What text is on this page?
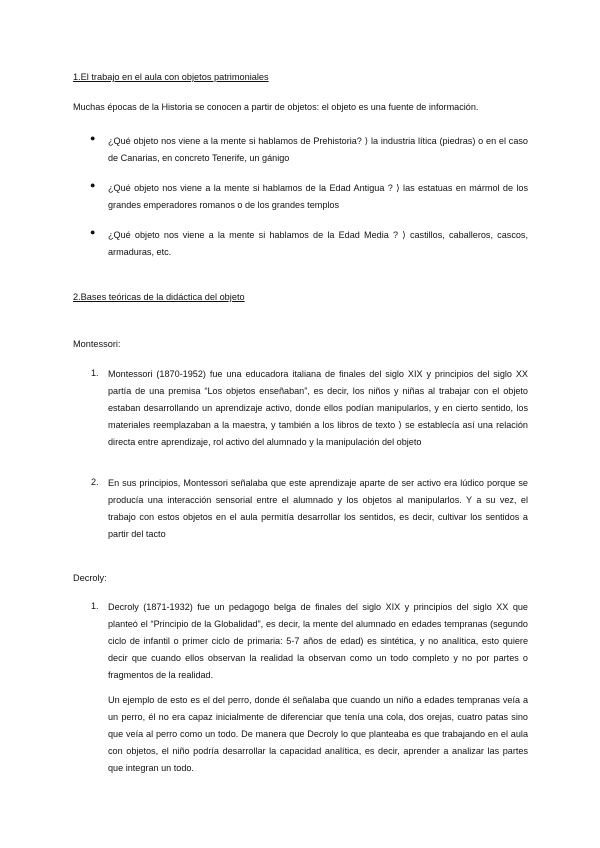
1.El trabajo en el aula con objetos patrimoniales

Muchas épocas de la Historia se conocen a partir de objetos: el objeto es una fuente de información.

● ¿Qué objeto nos viene a la mente si hablamos de Prehistoria? ⟩ la industria lítica (piedras) o en el caso de Canarias, en concreto Tenerife, un gánigo

● ¿Qué objeto nos viene a la mente si hablamos de la Edad Antigua ? ⟩ las estatuas en mármol de los grandes emperadores romanos o de los grandes templos

● ¿Qué objeto nos viene a la mente si hablamos de la Edad Media ? ⟩ castillos, caballeros, cascos, armaduras, etc.

2.Bases teóricas de la didáctica del objeto
Montessori:
1. Montessori (1870-1952) fue una educadora italiana de finales del siglo XIX y principios del siglo XX partía de una premisa “Los objetos enseñaban”, es decir, los niños y niñas al trabajar con el objeto estaban desarrollando un aprendizaje activo, donde ellos podían manipularlos, y en cierto sentido, los materiales reemplazaban a la maestra, y también a los libros de texto ⟩ se establecía así una relación directa entre aprendizaje, rol activo del alumnado y la manipulación del objeto

2. En sus principios, Montessori señalaba que este aprendizaje aparte de ser activo era lúdico porque se producía una interacción sensorial entre el alumnado y los objetos al manipularlos. Y a su vez, el trabajo con estos objetos en el aula permitía desarrollar los sentidos, es decir, cultivar los sentidos a partir del tacto

Decroly:
1. Decroly (1871-1932) fue un pedagogo belga de finales del siglo XIX y principios del siglo XX que planteó el “Principio de la Globalidad”, es decir, la mente del alumnado en edades tempranas (segundo ciclo de infantil o primer ciclo de primaria: 5-7 años de edad) es sintética, y no analítica, esto quiere decir que cuando ellos observan la realidad la observan como un todo completo y no por partes o fragmentos de la realidad.

Un ejemplo de esto es el del perro, donde él señalaba que cuando un niño a edades tempranas veía a un perro, él no era capaz inicialmente de diferenciar que tenía una cola, dos orejas, cuatro patas sino que veía al perro como un todo. De manera que Decroly lo que planteaba es que trabajando en el aula con objetos, el niño podría desarrollar la capacidad analítica, es decir, aprender a analizar las partes que integran un todo.
